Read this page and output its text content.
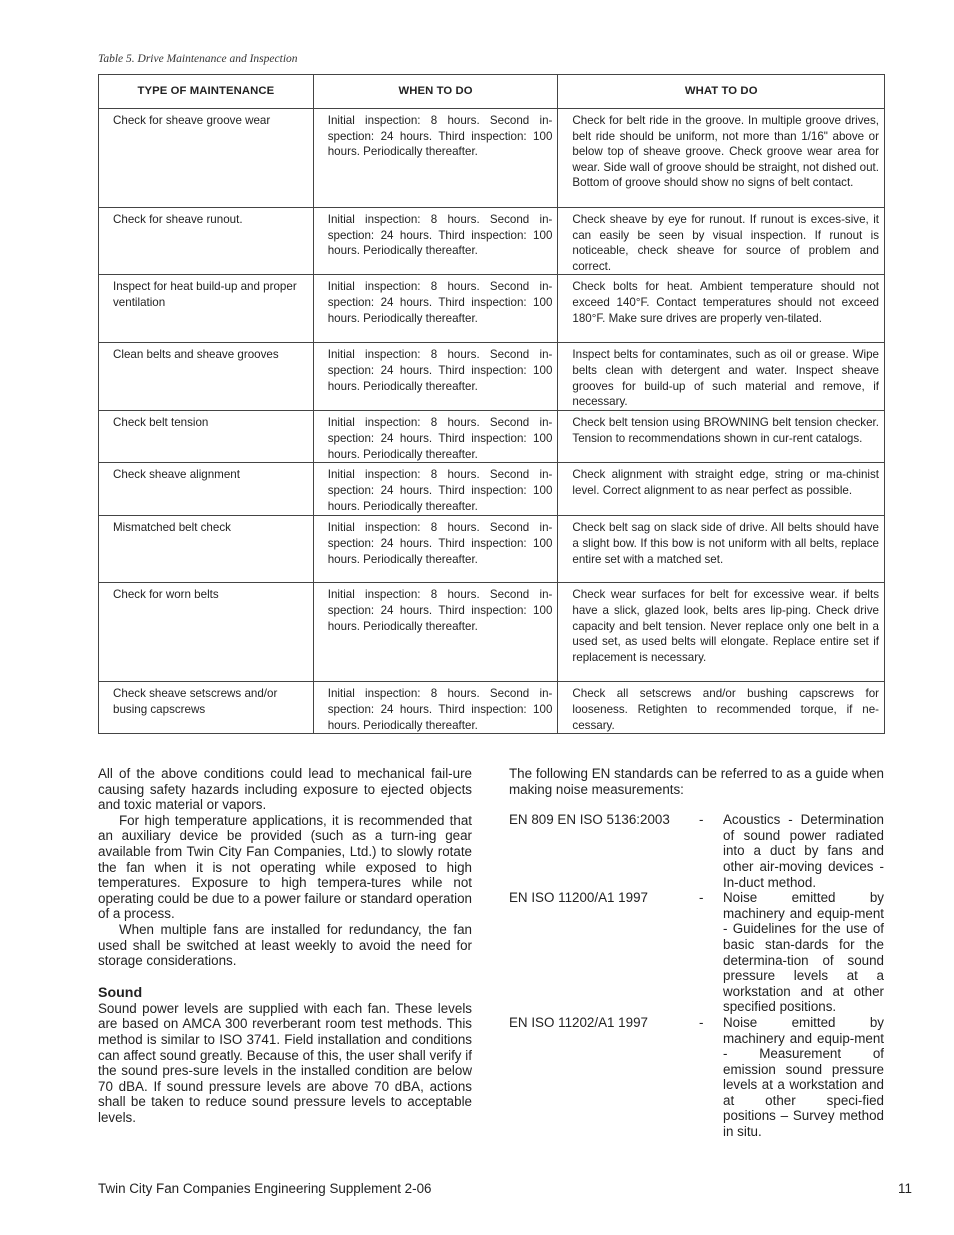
Table 5. Drive Maintenance and Inspection
TYPE OF MAINTENANCE	WHEN TO DO	WHAT TO DO
Check for sheave groove wear	Initial inspection: 8 hours. Second in-spection: 24 hours. Third inspection: 100 hours. Periodically thereafter.	Check for belt ride in the groove. In multiple groove drives, belt ride should be uniform, not more than 1/16" above or below top of sheave groove. Check groove wear area for wear. Side wall of groove should be straight, not dished out. Bottom of groove should show no signs of belt contact.
Check for sheave runout.	Initial inspection: 8 hours. Second in-spection: 24 hours. Third inspection: 100 hours. Periodically thereafter.	Check sheave by eye for runout. If runout is exces-sive, it can easily be seen by visual inspection. If runout is noticeable, check sheave for source of problem and correct.
Inspect for heat build-up and proper ventilation	Initial inspection: 8 hours. Second in-spection: 24 hours. Third inspection: 100 hours. Periodically thereafter.	Check bolts for heat. Ambient temperature should not exceed 140°F. Contact temperatures should not exceed 180°F. Make sure drives are properly ven-tilated.
Clean belts and sheave grooves	Initial inspection: 8 hours. Second in-spection: 24 hours. Third inspection: 100 hours. Periodically thereafter.	Inspect belts for contaminates, such as oil or grease. Wipe belts clean with detergent and water. Inspect sheave grooves for build-up of such material and remove, if necessary.
Check belt tension	Initial inspection: 8 hours. Second in-spection: 24 hours. Third inspection: 100 hours. Periodically thereafter.	Check belt tension using BROWNING belt tension checker. Tension to recommendations shown in cur-rent catalogs.
Check sheave alignment	Initial inspection: 8 hours. Second in-spection: 24 hours. Third inspection: 100 hours. Periodically thereafter.	Check alignment with straight edge, string or ma-chinist level. Correct alignment to as near perfect as possible.
Mismatched belt check	Initial inspection: 8 hours. Second in-spection: 24 hours. Third inspection: 100 hours. Periodically thereafter.	Check belt sag on slack side of drive. All belts should have a slight bow. If this bow is not uniform with all belts, replace entire set with a matched set.
Check for worn belts	Initial inspection: 8 hours. Second in-spection: 24 hours. Third inspection: 100 hours. Periodically thereafter.	Check wear surfaces for belt for excessive wear. if belts have a slick, glazed look, belts ares lip-ping. Check drive capacity and belt tension. Never replace only one belt in a used set, as used belts will elongate. Replace entire set if replacement is necessary.
Check sheave setscrews and/or busing capscrews	Initial inspection: 8 hours. Second in-spection: 24 hours. Third inspection: 100 hours. Periodically thereafter.	Check all setscrews and/or bushing capscrews for looseness. Retighten to recommended torque, if ne-cessary.

All of the above conditions could lead to mechanical fail-ure causing safety hazards including exposure to ejected objects and toxic material or vapors.

For high temperature applications, it is recommended that an auxiliary device be provided (such as a turn-ing gear available from Twin City Fan Companies, Ltd.) to slowly rotate the fan when it is not operating while exposed to high temperatures. Exposure to high tempera-tures while not operating could be due to a power failure or standard operation of a process.

When multiple fans are installed for redundancy, the fan used shall be switched at least weekly to avoid the need for storage considerations.

Sound

Sound power levels are supplied with each fan. These levels are based on AMCA 300 reverberant room test methods. This method is similar to ISO 3741. Field installation and conditions can affect sound greatly. Because of this, the user shall verify if the sound pres-sure levels in the installed condition are below 70 dBA. If sound pressure levels are above 70 dBA, actions shall be taken to reduce sound pressure levels to acceptable levels.

The following EN standards can be referred to as a guide when making noise measurements:

EN 809 EN ISO 5136:2003	-	Acoustics - Determination of sound power radiated into a duct by fans and other air-moving devices - In-duct method.
EN ISO 11200/A1 1997	-	Noise emitted by machinery and equip-ment - Guidelines for the use of basic stan-dards for the determina-tion of sound pressure levels at a workstation and at other specified positions.
EN ISO 11202/A1 1997	-	Noise emitted by machinery and equip-ment - Measurement of emission sound pressure levels at a workstation and at other speci-fied positions – Survey method in situ.
Twin City Fan Companies Engineering Supplement 2-06	11
